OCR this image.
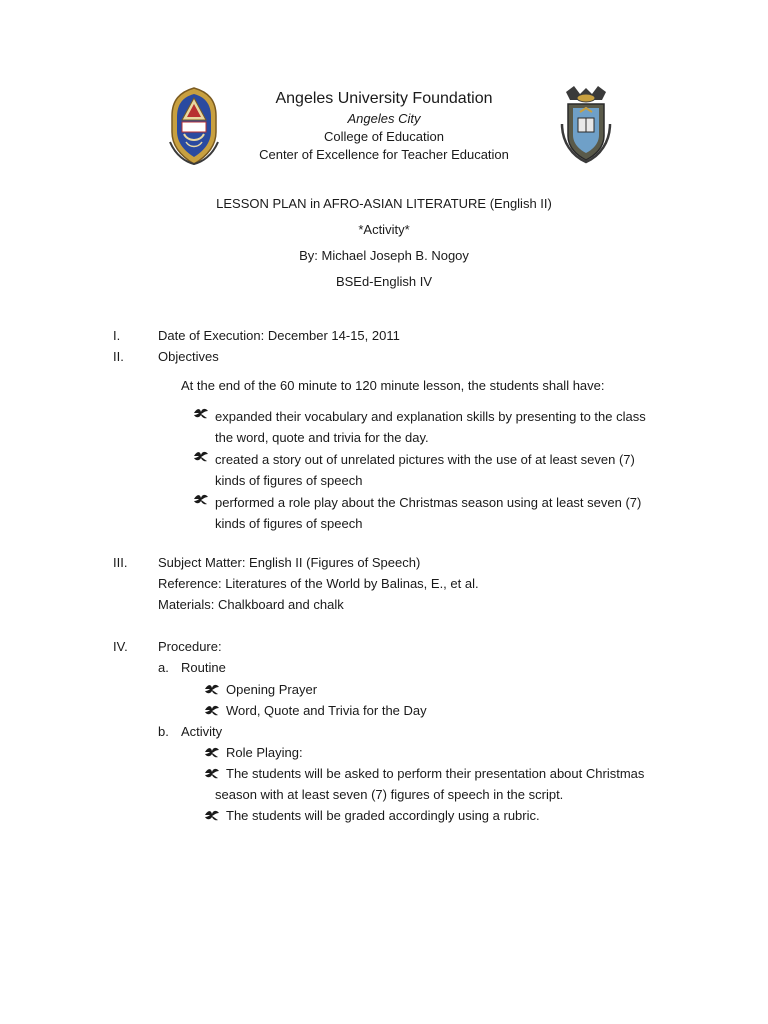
Angeles University Foundation
Angeles City
College of Education
Center of Excellence for Teacher Education
LESSON PLAN in AFRO-ASIAN LITERATURE (English II)
*Activity*
By: Michael Joseph B. Nogoy
BSEd-English IV
I.	Date of Execution: December 14-15, 2011
II.	Objectives
At the end of the 60 minute to 120 minute lesson, the students shall have:
expanded their vocabulary and explanation skills by presenting to the class
the word, quote and trivia for the day.
created a story out of unrelated pictures with the use of at least seven (7)
kinds of figures of speech
performed a role play about the Christmas season using at least seven (7)
kinds of figures of speech
III. Subject Matter: English II (Figures of Speech)
Reference: Literatures of the World by Balinas, E., et al.
Materials: Chalkboard and chalk
IV. Procedure:
a. Routine
Opening Prayer
Word, Quote and Trivia for the Day
b. Activity
Role Playing:
The students will be asked to perform their presentation about Christmas
season with at least seven (7) figures of speech in the script.
The students will be graded accordingly using a rubric.
